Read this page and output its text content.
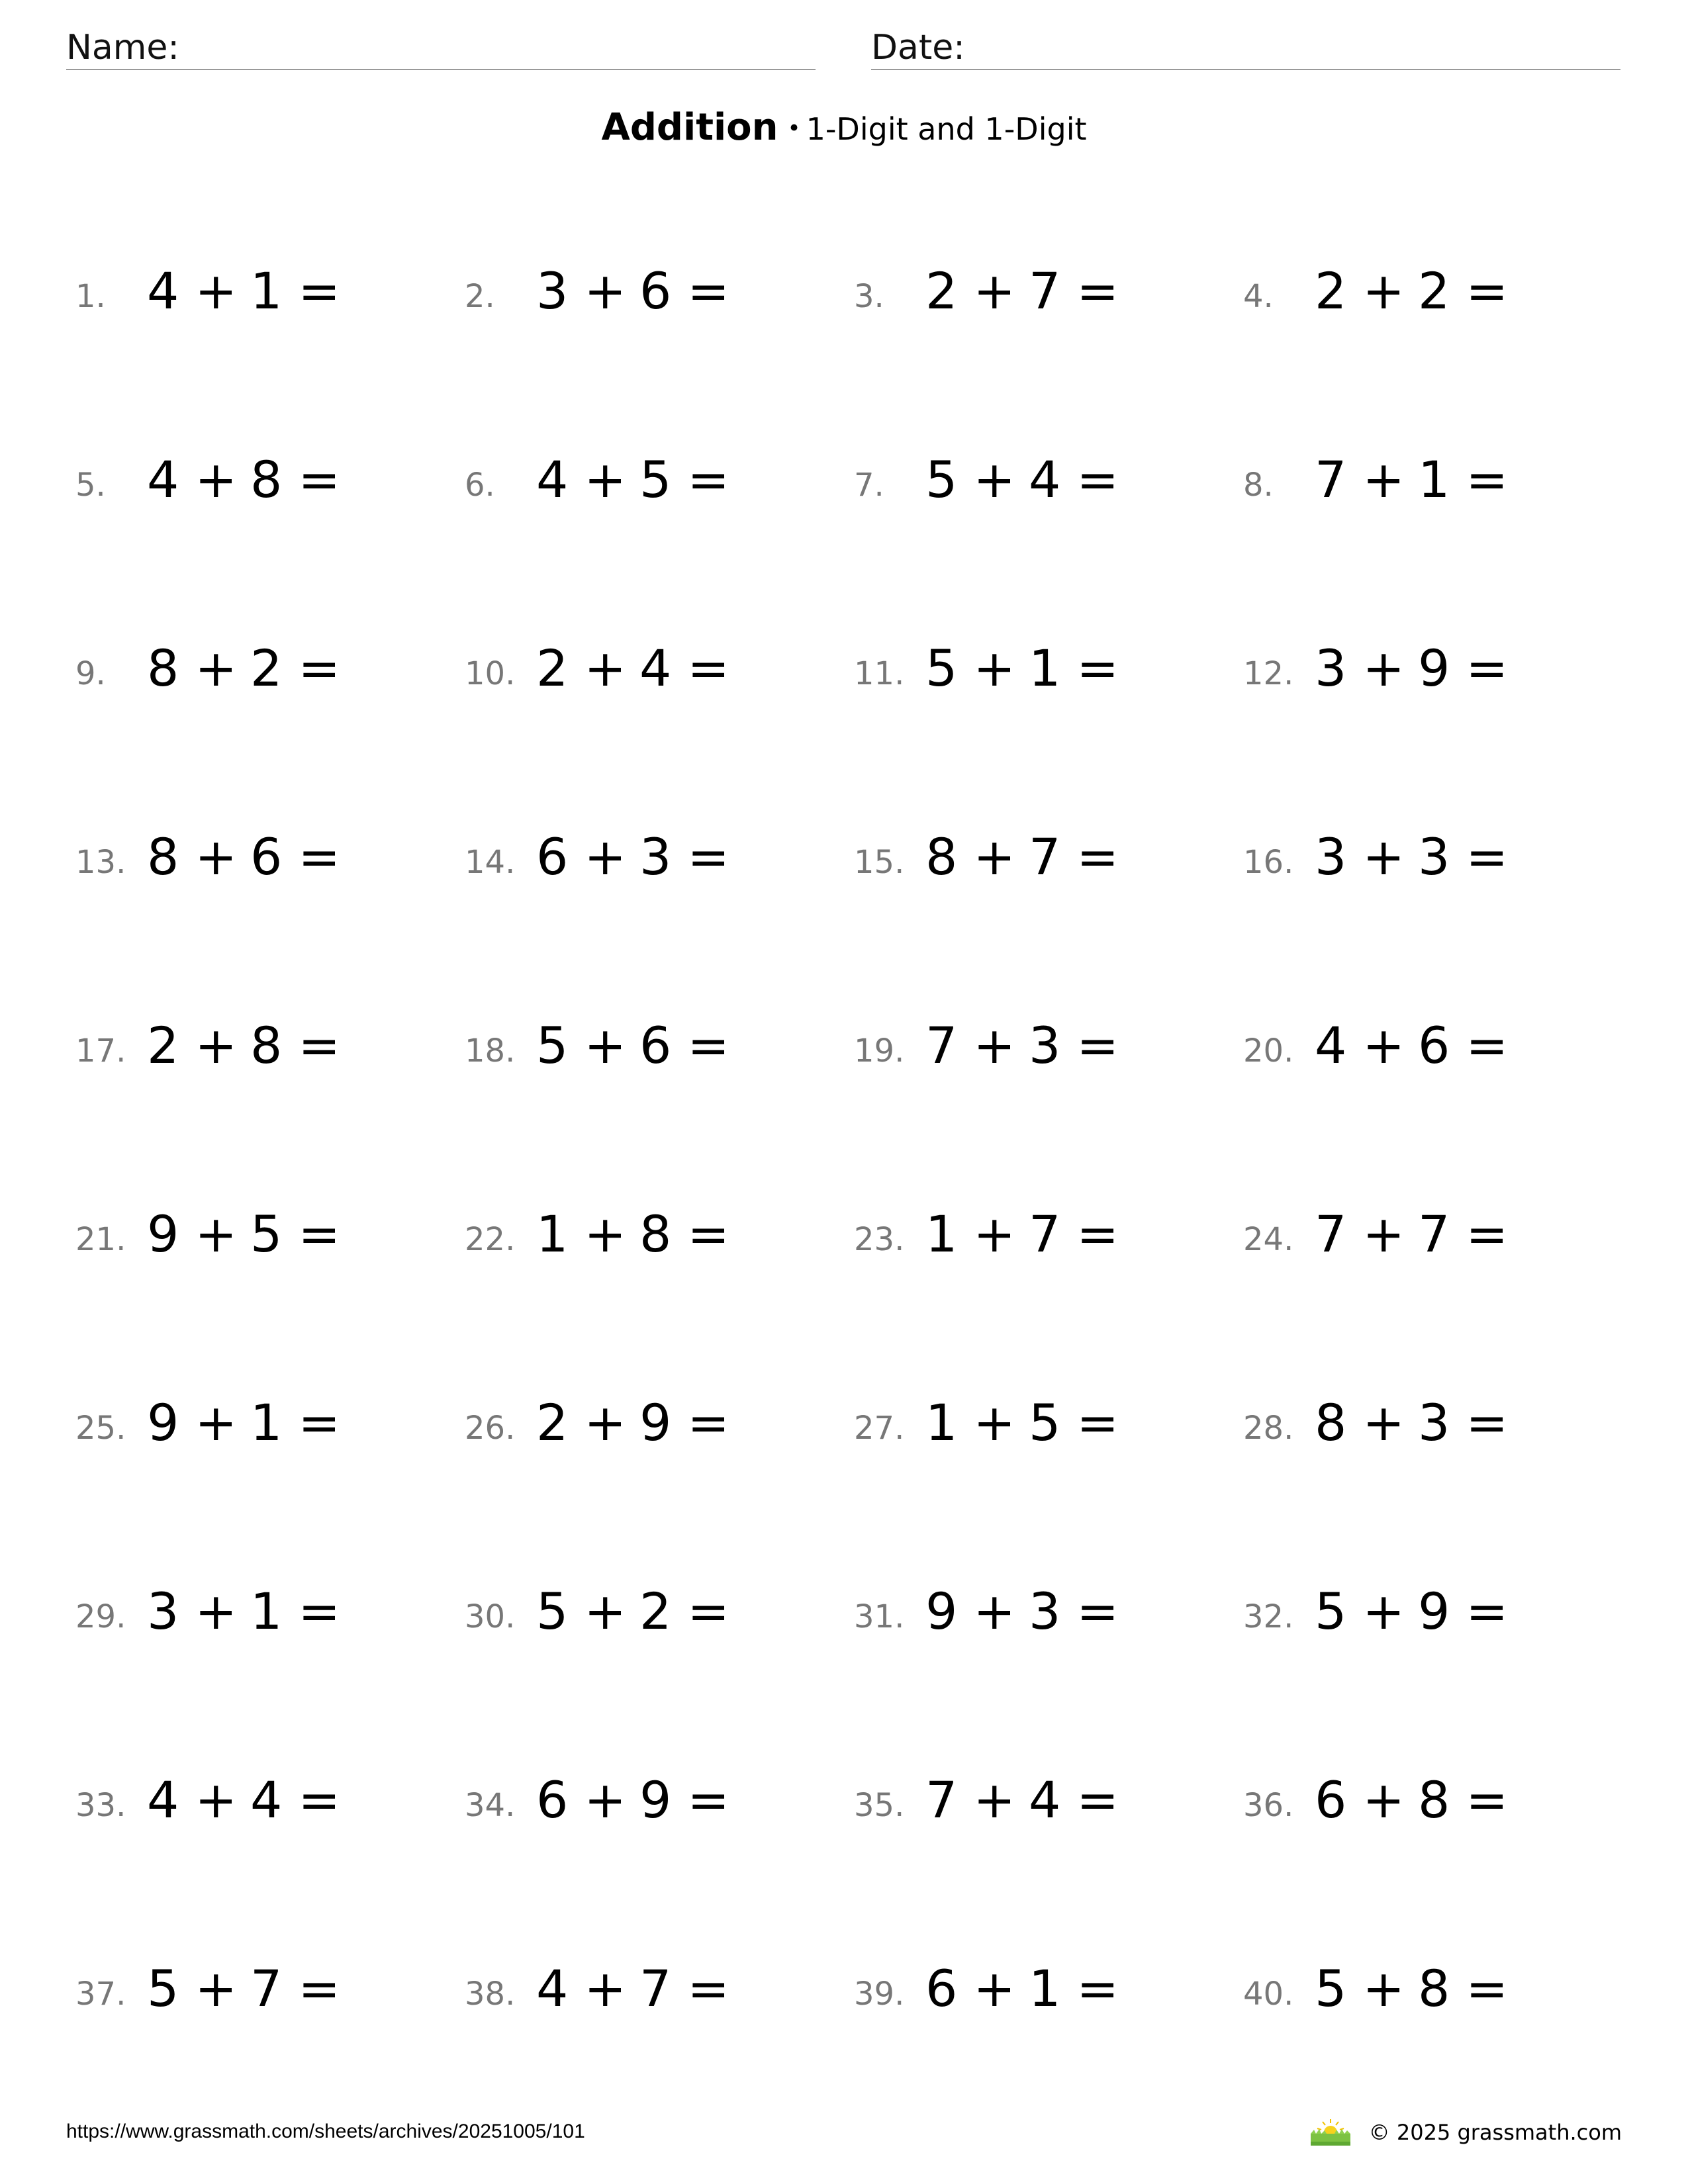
Name:	Date:
Addition • 1-Digit and 1-Digit
1. 4 + 1 =	2. 3 + 6 =	3. 2 + 7 =	4. 2 + 2 =
5. 4 + 8 =	6. 4 + 5 =	7. 5 + 4 =	8. 7 + 1 =
9. 8 + 2 =	10. 2 + 4 =	11. 5 + 1 =	12. 3 + 9 =
13. 8 + 6 =	14. 6 + 3 =	15. 8 + 7 =	16. 3 + 3 =
17. 2 + 8 =	18. 5 + 6 =	19. 7 + 3 =	20. 4 + 6 =
21. 9 + 5 =	22. 1 + 8 =	23. 1 + 7 =	24. 7 + 7 =
25. 9 + 1 =	26. 2 + 9 =	27. 1 + 5 =	28. 8 + 3 =
29. 3 + 1 =	30. 5 + 2 =	31. 9 + 3 =	32. 5 + 9 =
33. 4 + 4 =	34. 6 + 9 =	35. 7 + 4 =	36. 6 + 8 =
37. 5 + 7 =	38. 4 + 7 =	39. 6 + 1 =	40. 5 + 8 =
https://www.grassmath.com/sheets/archives/20251005/101	© 2025 grassmath.com
